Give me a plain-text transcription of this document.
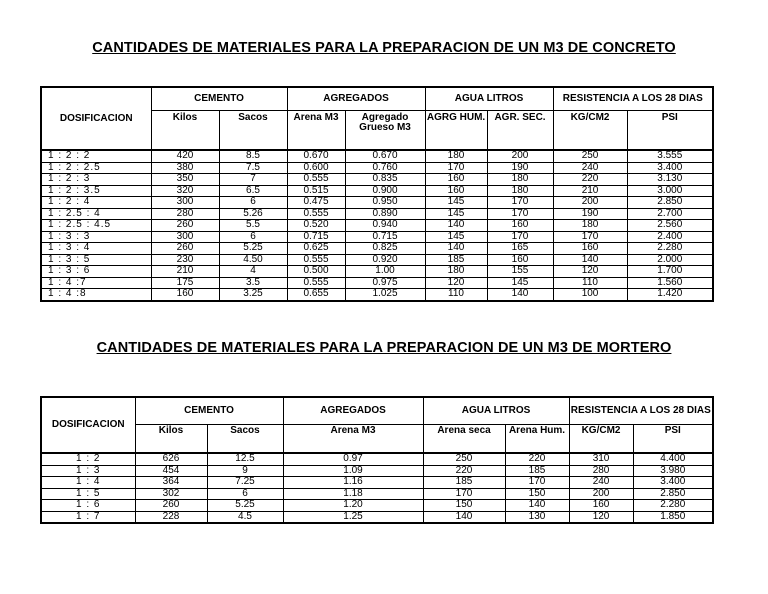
CANTIDADES DE MATERIALES PARA LA PREPARACION DE UN M3 DE CONCRETO
DOSIFICACION	CEMENTO		AGREGADOS		AGUA LITROS		RESISTENCIA A LOS 28 DIAS	
	Kilos	Sacos	Arena M3	Agregado Grueso M3	AGRG HUM.	AGR. SEC.	KG/CM2	PSI
1 : 2 : 2	420	8.5	0.670	0.670	180	200	250	3.555
1 : 2 : 2.5	380	7.5	0.600	0.760	170	190	240	3.400
1 : 2 : 3	350	7	0.555	0.835	160	180	220	3.130
1 : 2 : 3.5	320	6.5	0.515	0.900	160	180	210	3.000
1 : 2 : 4	300	6	0.475	0.950	145	170	200	2.850
1 : 2.5 : 4	280	5.26	0.555	0.890	145	170	190	2.700
1 : 2.5 : 4.5	260	5.5	0.520	0.940	140	160	180	2.560
1 : 3 : 3	300	6	0.715	0.715	145	170	170	2.400
1 : 3 : 4	260	5.25	0.625	0.825	140	165	160	2.280
1 : 3 : 5	230	4.50	0.555	0.920	185	160	140	2.000
1 : 3 : 6	210	4	0.500	1.00	180	155	120	1.700
1 : 4 :7	175	3.5	0.555	0.975	120	145	110	1.560
1 : 4 :8	160	3.25	0.655	1.025	110	140	100	1.420
CANTIDADES DE MATERIALES PARA LA PREPARACION DE UN M3 DE MORTERO
DOSIFICACION	CEMENTO		AGREGADOS	AGUA LITROS		RESISTENCIA A LOS 28 DIAS	
	Kilos	Sacos	Arena M3	Arena seca	Arena Hum.	KG/CM2	PSI
1 : 2	626	12.5	0.97	250	220	310	4.400
1 : 3	454	9	1.09	220	185	280	3.980
1 : 4	364	7.25	1.16	185	170	240	3.400
1 : 5	302	6	1.18	170	150	200	2.850
1 : 6	260	5.25	1.20	150	140	160	2.280
1 : 7	228	4.5	1.25	140	130	120	1.850
